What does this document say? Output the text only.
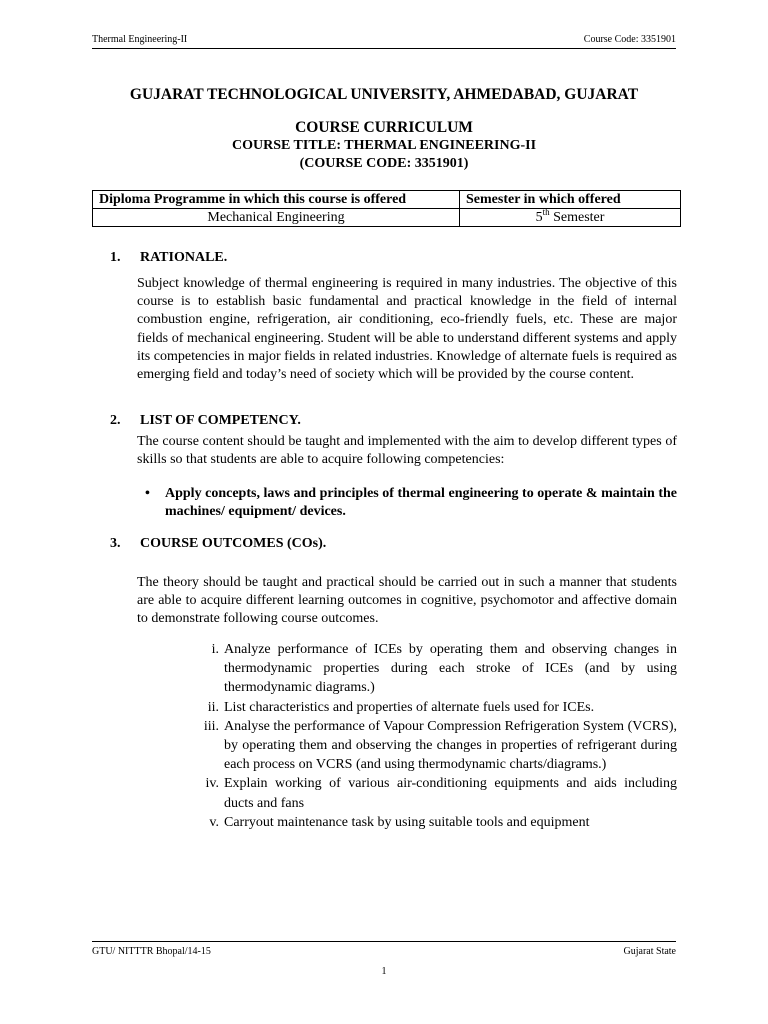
Thermal Engineering-II	Course Code: 3351901
GUJARAT TECHNOLOGICAL UNIVERSITY, AHMEDABAD, GUJARAT
COURSE CURRICULUM
COURSE TITLE: THERMAL ENGINEERING-II
(COURSE CODE: 3351901)
Diploma Programme in which this course is offered	Semester in which offered
Mechanical Engineering	5th Semester
1. RATIONALE.
Subject knowledge of thermal engineering is required in many industries. The objective of this course is to establish basic fundamental and practical knowledge in the field of internal combustion engine, refrigeration, air conditioning, eco-friendly fuels, etc. These are major fields of mechanical engineering. Student will be able to understand different systems and apply its competencies in major fields in related industries. Knowledge of alternate fuels is required as emerging field and today’s need of society which will be provided by the course content.
2. LIST OF COMPETENCY.
The course content should be taught and implemented with the aim to develop different types of skills so that students are able to acquire following competencies:
• Apply concepts, laws and principles of thermal engineering to operate & maintain the machines/ equipment/ devices.
3. COURSE OUTCOMES (COs).
The theory should be taught and practical should be carried out in such a manner that students are able to acquire different learning outcomes in cognitive, psychomotor and affective domain to demonstrate following course outcomes.
i. Analyze performance of ICEs by operating them and observing changes in thermodynamic properties during each stroke of ICEs (and by using thermodynamic diagrams.)
ii. List characteristics and properties of alternate fuels used for ICEs.
iii. Analyse the performance of Vapour Compression Refrigeration System (VCRS), by operating them and observing the changes in properties of refrigerant during each process on VCRS (and using thermodynamic charts/diagrams.)
iv. Explain working of various air-conditioning equipments and aids including ducts and fans
v. Carryout maintenance task by using suitable tools and equipment
GTU/ NITTTR Bhopal/14-15	Gujarat State
1
